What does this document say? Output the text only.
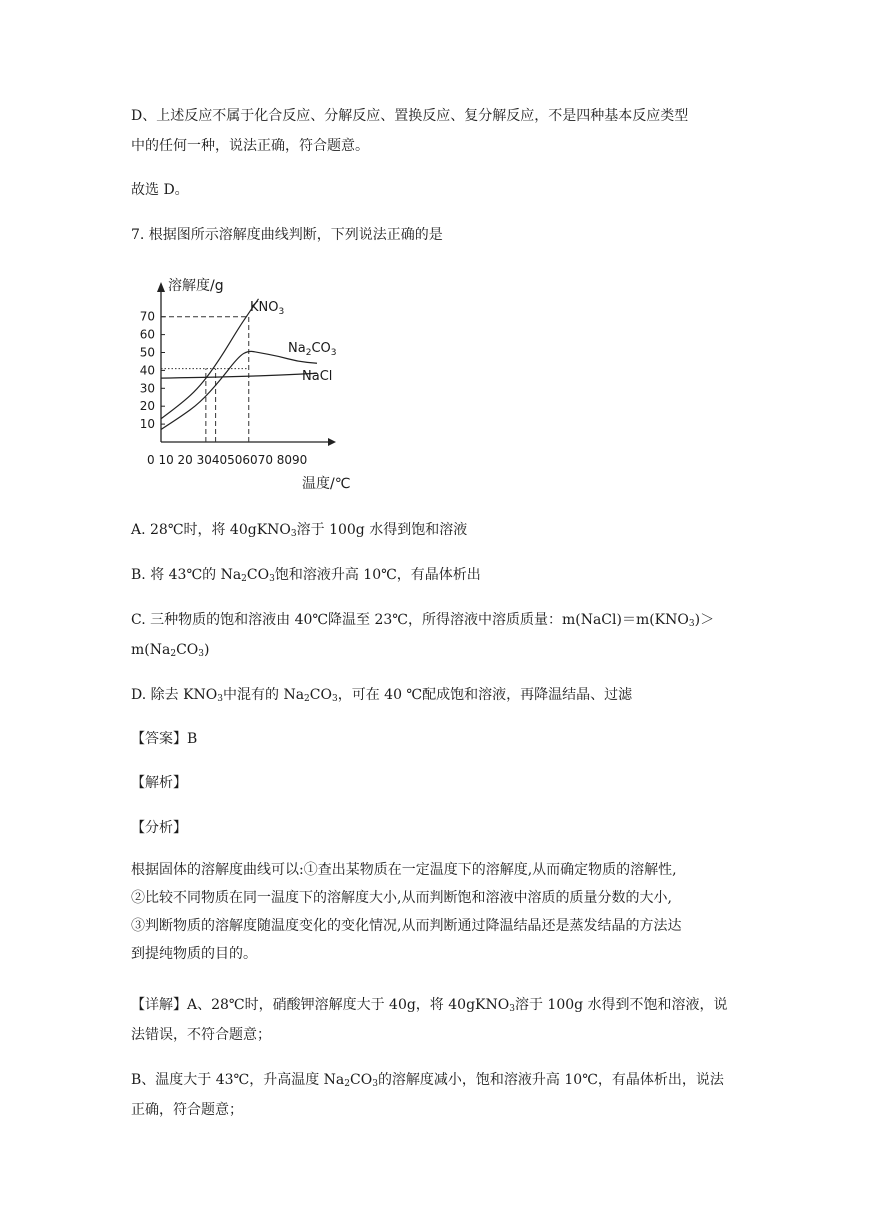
D、上述反应不属于化合反应、分解反应、置换反应、复分解反应，不是四种基本反应类型
中的任何一种，说法正确，符合题意。
故选 D。
7. 根据图所示溶解度曲线判断，下列说法正确的是
10
20
30
40
50
60
70
0 10 20 3040506070 8090
溶解度/g
温度/℃
$KNO_3$
$Na_2CO_3$
NaCl
A. 28℃时，将 40gKNO$_3$溶于 100g 水得到饱和溶液
B. 将 43℃的 $Na_2CO_3$饱和溶液升高 10℃，有晶体析出
C. 三种物质的饱和溶液由 40℃降温至 23℃，所得溶液中溶质质量：$m(NaCl)=m(KNO_3)>$
$m(Na_2CO_3)$
D. 除去 $KNO_3$中混有的 $Na_2CO_3$，可在 40 ℃配成饱和溶液，再降温结晶、过滤
【答案】B
【解析】
【分析】
根据固体的溶解度曲线可以:①查出某物质在一定温度下的溶解度,从而确定物质的溶解性,
②比较不同物质在同一温度下的溶解度大小,从而判断饱和溶液中溶质的质量分数的大小,
③判断物质的溶解度随温度变化的变化情况,从而判断通过降温结晶还是蒸发结晶的方法达
到提纯物质的目的。
【详解】A、28℃时，硝酸钾溶解度大于 40g，将 40gKNO$_3$溶于 100g 水得到不饱和溶液，说
法错误，不符合题意；
B、温度大于 43℃，升高温度 $Na_2CO_3$的溶解度减小，饱和溶液升高 10℃，有晶体析出，说法
正确，符合题意；
